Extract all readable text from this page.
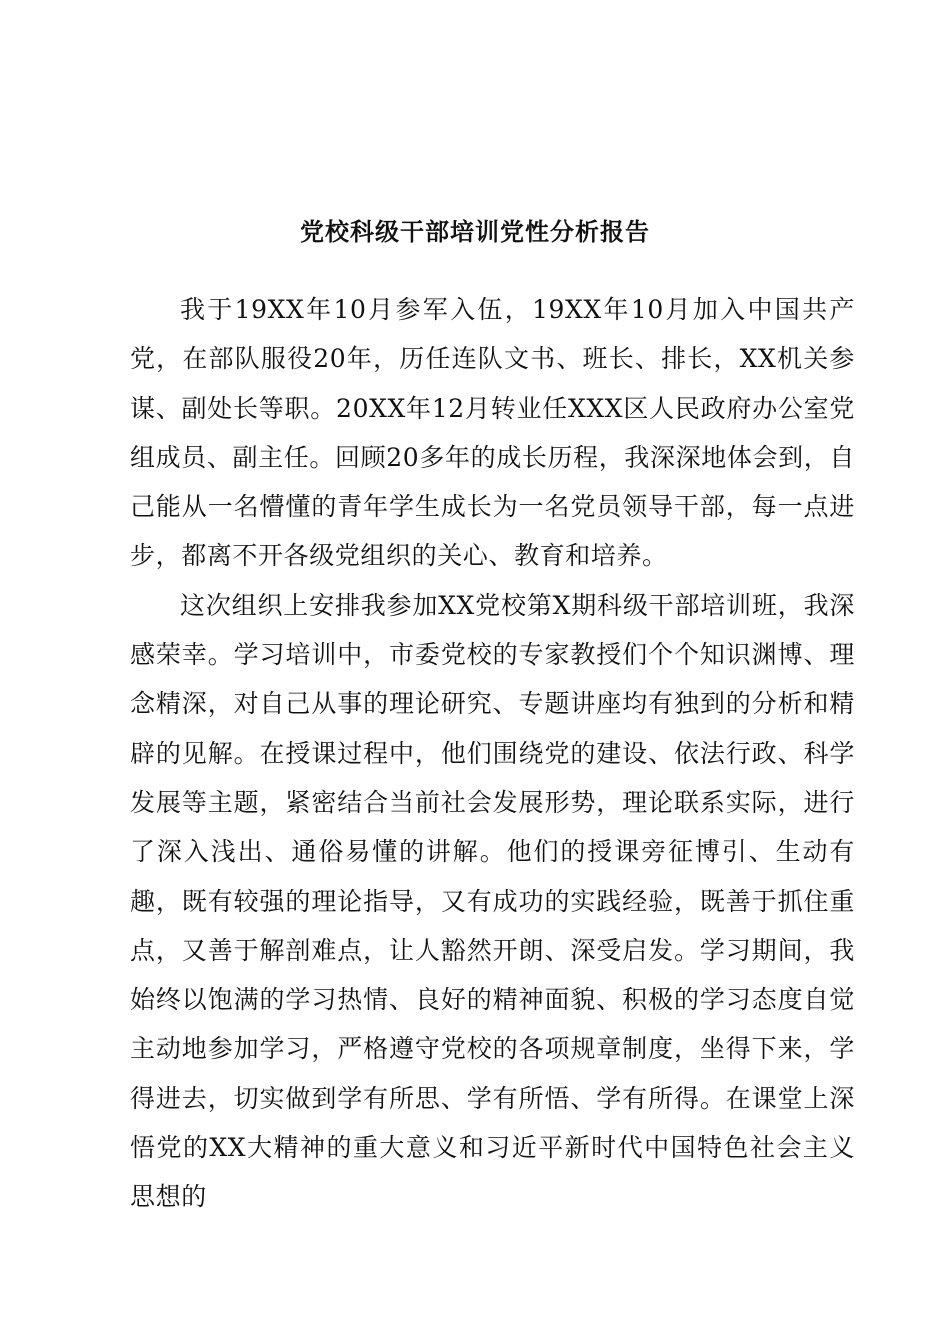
党校科级干部培训党性分析报告

我于19XX年10月参军入伍，19XX年10月加入中国共产党，在部队服役20年，历任连队文书、班长、排长，XX机关参谋、副处长等职。20XX年12月转业任XXX区人民政府办公室党组成员、副主任。回顾20多年的成长历程，我深深地体会到，自己能从一名懵懂的青年学生成长为一名党员领导干部，每一点进步，都离不开各级党组织的关心、教育和培养。

这次组织上安排我参加XX党校第X期科级干部培训班，我深感荣幸。学习培训中，市委党校的专家教授们个个知识渊博、理念精深，对自己从事的理论研究、专题讲座均有独到的分析和精辟的见解。在授课过程中，他们围绕党的建设、依法行政、科学发展等主题，紧密结合当前社会发展形势，理论联系实际，进行了深入浅出、通俗易懂的讲解。他们的授课旁征博引、生动有趣，既有较强的理论指导，又有成功的实践经验，既善于抓住重点，又善于解剖难点，让人豁然开朗、深受启发。学习期间，我始终以饱满的学习热情、良好的精神面貌、积极的学习态度自觉主动地参加学习，严格遵守党校的各项规章制度，坐得下来，学得进去，切实做到学有所思、学有所悟、学有所得。在课堂上深悟党的XX大精神的重大意义和习近平新时代中国特色社会主义思想的
